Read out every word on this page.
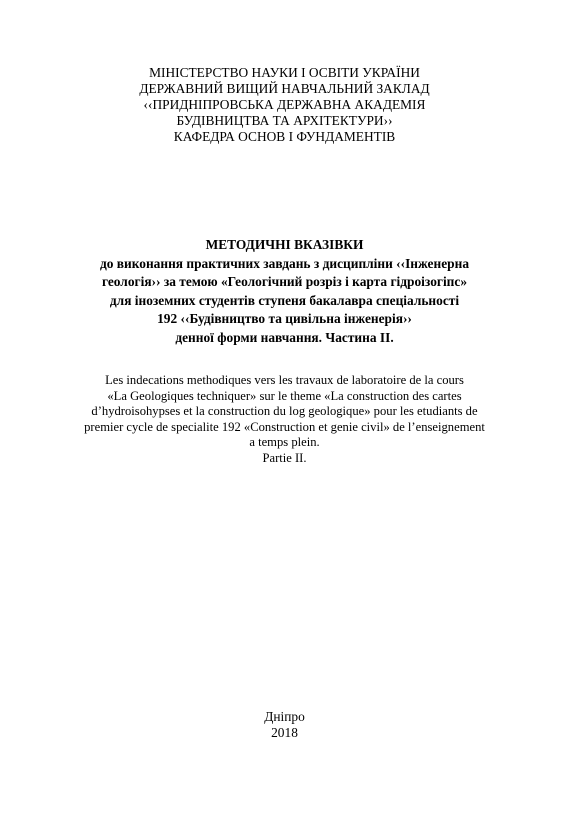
МІНІСТЕРСТВО НАУКИ І ОСВІТИ УКРАЇНИ
ДЕРЖАВНИЙ ВИЩИЙ НАВЧАЛЬНИЙ ЗАКЛАД
‹‹ПРИДНІПРОВСЬКА ДЕРЖАВНА АКАДЕМІЯ
БУДІВНИЦТВА ТА АРХІТЕКТУРИ››
КАФЕДРА ОСНОВ І ФУНДАМЕНТІВ
МЕТОДИЧНІ ВКАЗІВКИ
до виконання практичних завдань з дисципліни ‹‹Інженерна
геологія›› за темою «Геологічний розріз і карта гідроізогіпс»
для іноземних студентів ступеня бакалавра спеціальності
192 ‹‹Будівництво та цивільна інженерія››
денної форми навчання. Частина II.
Les indecations methodiques vers les travaux de laboratoire de la cours
«La Geologiques techniquer» sur le theme «La construction des cartes
d’hydroisohypses et la construction du log geologique» pour les etudiants de
premier cycle de specialite 192 «Construction et genie civil» de l’enseignement
a temps plein.
Partie II.
Дніпро
2018
